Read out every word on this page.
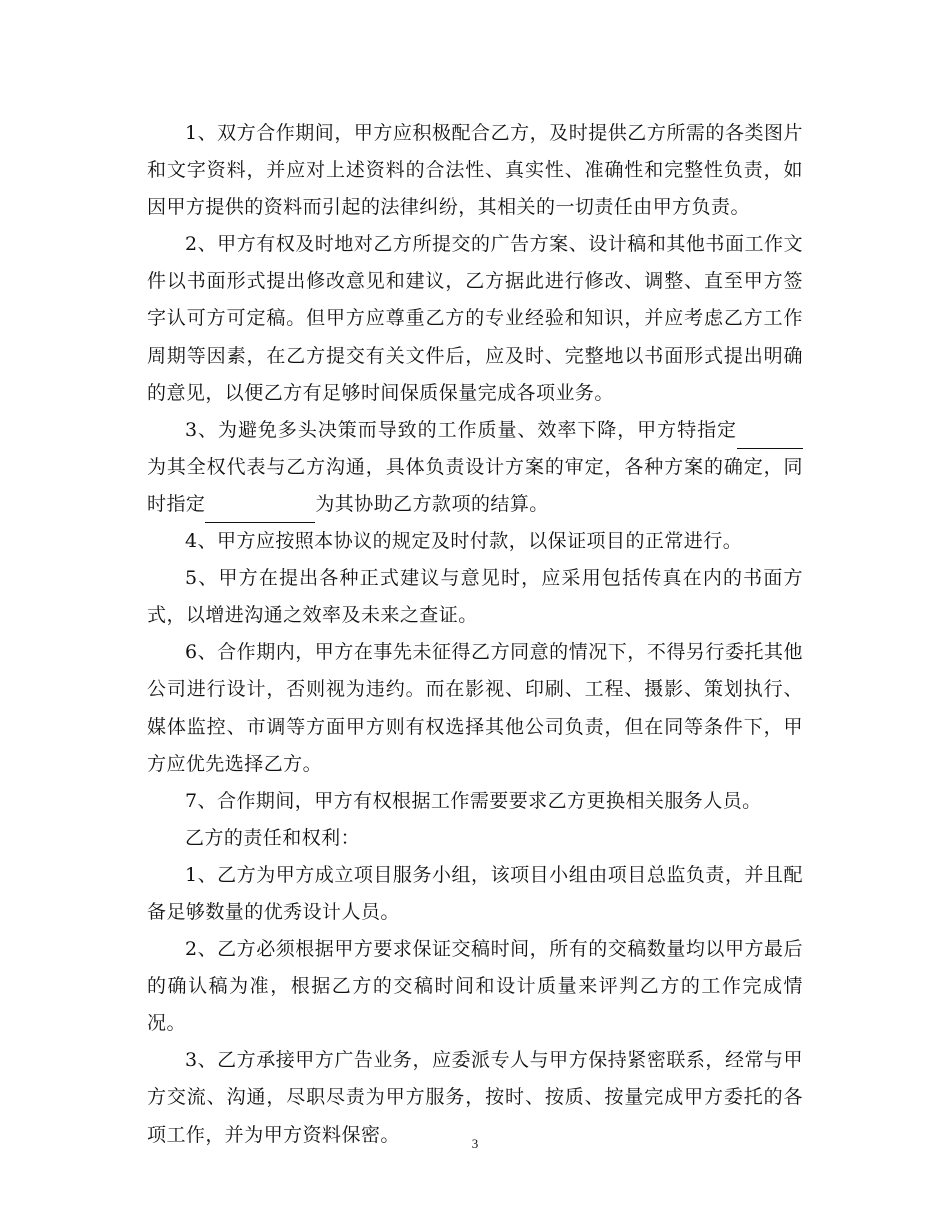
1、双方合作期间，甲方应积极配合乙方，及时提供乙方所需的各类图片和文字资料，并应对上述资料的合法性、真实性、准确性和完整性负责，如因甲方提供的资料而引起的法律纠纷，其相关的一切责任由甲方负责。

2、甲方有权及时地对乙方所提交的广告方案、设计稿和其他书面工作文件以书面形式提出修改意见和建议，乙方据此进行修改、调整、直至甲方签字认可方可定稿。但甲方应尊重乙方的专业经验和知识，并应考虑乙方工作周期等因素，在乙方提交有关文件后，应及时、完整地以书面形式提出明确的意见，以便乙方有足够时间保质保量完成各项业务。

3、为避免多头决策而导致的工作质量、效率下降，甲方特指定为其全权代表与乙方沟通，具体负责设计方案的审定，各种方案的确定，同时指定	为其协助乙方款项的结算。

4、甲方应按照本协议的规定及时付款，以保证项目的正常进行。

5、甲方在提出各种正式建议与意见时，应采用包括传真在内的书面方式，以增进沟通之效率及未来之查证。

6、合作期内，甲方在事先未征得乙方同意的情况下，不得另行委托其他公司进行设计，否则视为违约。而在影视、印刷、工程、摄影、策划执行、媒体监控、市调等方面甲方则有权选择其他公司负责，但在同等条件下，甲方应优先选择乙方。

7、合作期间，甲方有权根据工作需要要求乙方更换相关服务人员。

乙方的责任和权利：

1、乙方为甲方成立项目服务小组，该项目小组由项目总监负责，并且配备足够数量的优秀设计人员。

2、乙方必须根据甲方要求保证交稿时间，所有的交稿数量均以甲方最后的确认稿为准，根据乙方的交稿时间和设计质量来评判乙方的工作完成情况。

3、乙方承接甲方广告业务，应委派专人与甲方保持紧密联系，经常与甲方交流、沟通，尽职尽责为甲方服务，按时、按质、按量完成甲方委托的各项工作，并为甲方资料保密。	3
